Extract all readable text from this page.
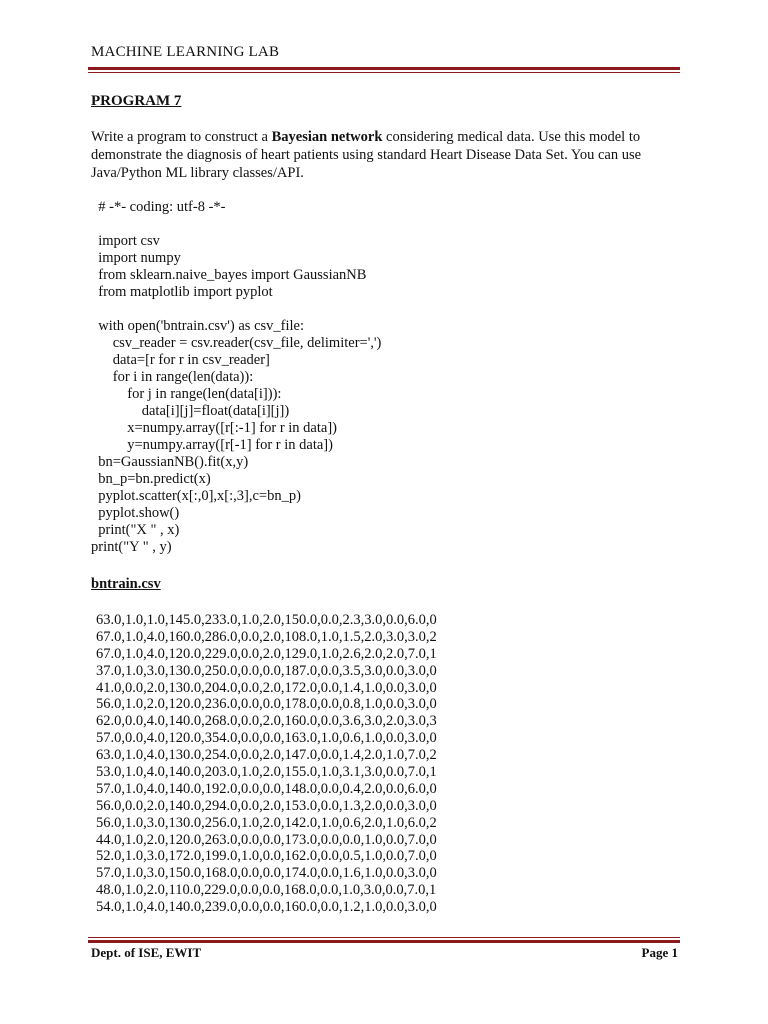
MACHINE LEARNING LAB
PROGRAM 7
Write a program to construct a Bayesian network considering medical data. Use this model to demonstrate the diagnosis of heart patients using standard Heart Disease Data Set. You can use Java/Python ML library classes/API.
# -*- coding: utf-8 -*-
import csv
import numpy
from sklearn.naive_bayes import GaussianNB
from matplotlib import pyplot
with open('bntrain.csv') as csv_file:
csv_reader = csv.reader(csv_file, delimiter=',')
data=[r for r in csv_reader]
for i in range(len(data)):
for j in range(len(data[i])):
data[i][j]=float(data[i][j])
x=numpy.array([r[:-1] for r in data])
y=numpy.array([r[-1] for r in data])
bn=GaussianNB().fit(x,y)
bn_p=bn.predict(x)
pyplot.scatter(x[:,0],x[:,3],c=bn_p)
pyplot.show()
print("X " , x)
print("Y " , y)
bntrain.csv
63.0,1.0,1.0,145.0,233.0,1.0,2.0,150.0,0.0,2.3,3.0,0.0,6.0,0
67.0,1.0,4.0,160.0,286.0,0.0,2.0,108.0,1.0,1.5,2.0,3.0,3.0,2
67.0,1.0,4.0,120.0,229.0,0.0,2.0,129.0,1.0,2.6,2.0,2.0,7.0,1
37.0,1.0,3.0,130.0,250.0,0.0,0.0,187.0,0.0,3.5,3.0,0.0,3.0,0
41.0,0.0,2.0,130.0,204.0,0.0,2.0,172.0,0.0,1.4,1.0,0.0,3.0,0
56.0,1.0,2.0,120.0,236.0,0.0,0.0,178.0,0.0,0.8,1.0,0.0,3.0,0
62.0,0.0,4.0,140.0,268.0,0.0,2.0,160.0,0.0,3.6,3.0,2.0,3.0,3
57.0,0.0,4.0,120.0,354.0,0.0,0.0,163.0,1.0,0.6,1.0,0.0,3.0,0
63.0,1.0,4.0,130.0,254.0,0.0,2.0,147.0,0.0,1.4,2.0,1.0,7.0,2
53.0,1.0,4.0,140.0,203.0,1.0,2.0,155.0,1.0,3.1,3.0,0.0,7.0,1
57.0,1.0,4.0,140.0,192.0,0.0,0.0,148.0,0.0,0.4,2.0,0.0,6.0,0
56.0,0.0,2.0,140.0,294.0,0.0,2.0,153.0,0.0,1.3,2.0,0.0,3.0,0
56.0,1.0,3.0,130.0,256.0,1.0,2.0,142.0,1.0,0.6,2.0,1.0,6.0,2
44.0,1.0,2.0,120.0,263.0,0.0,0.0,173.0,0.0,0.0,1.0,0.0,7.0,0
52.0,1.0,3.0,172.0,199.0,1.0,0.0,162.0,0.0,0.5,1.0,0.0,7.0,0
57.0,1.0,3.0,150.0,168.0,0.0,0.0,174.0,0.0,1.6,1.0,0.0,3.0,0
48.0,1.0,2.0,110.0,229.0,0.0,0.0,168.0,0.0,1.0,3.0,0.0,7.0,1
54.0,1.0,4.0,140.0,239.0,0.0,0.0,160.0,0.0,1.2,1.0,0.0,3.0,0
Dept. of ISE, EWIT	Page 1
